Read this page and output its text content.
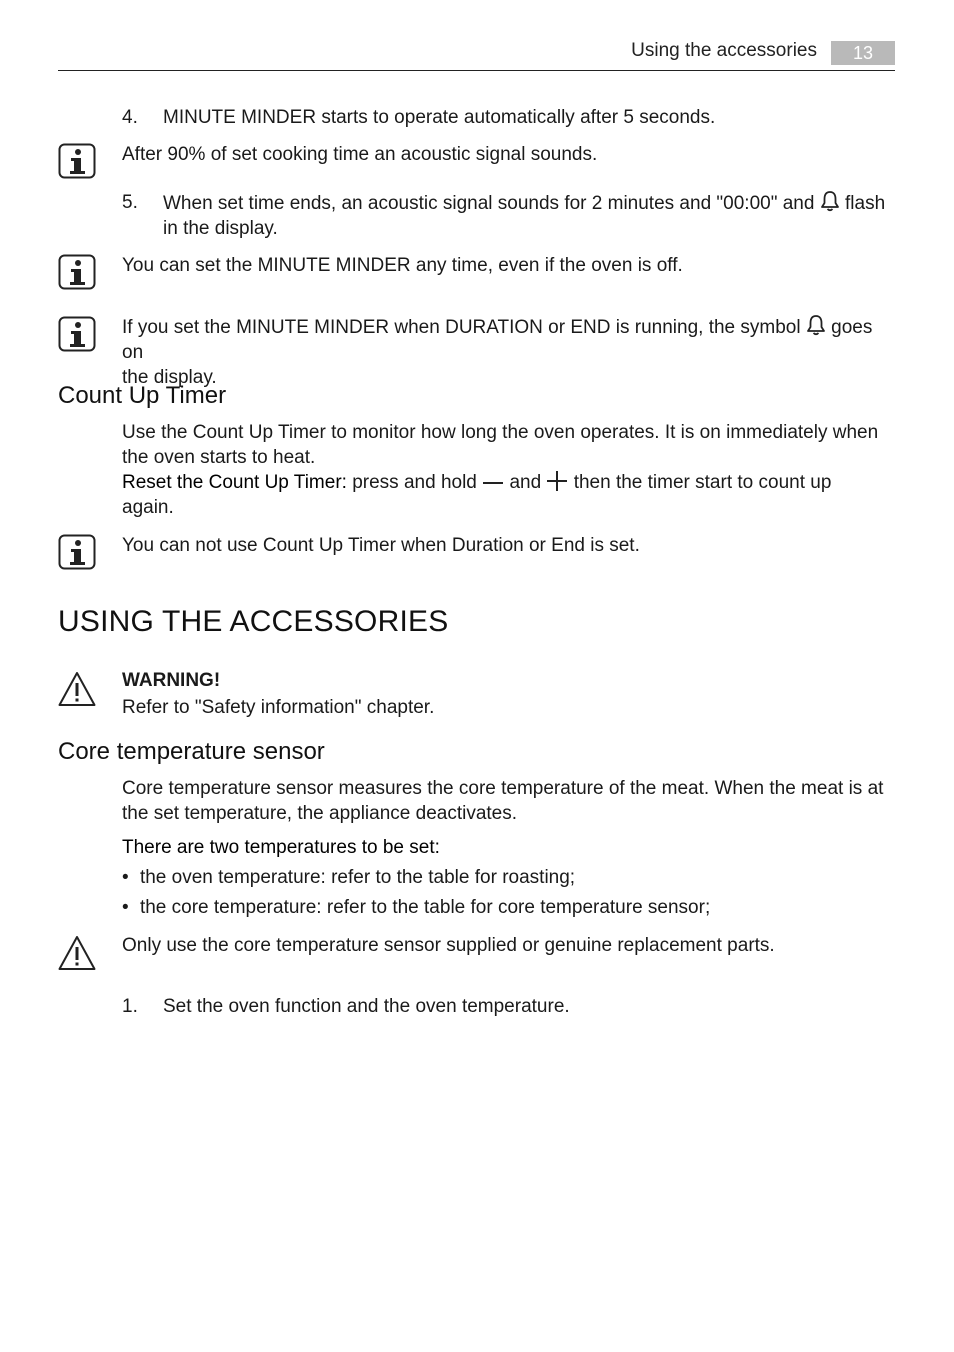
Using the accessories	13
4. MINUTE MINDER starts to operate automatically after 5 seconds.
After 90% of set cooking time an acoustic signal sounds.
5. When set time ends, an acoustic signal sounds for 2 minutes and "00:00" and flash
in the display.
You can set the MINUTE MINDER any time, even if the oven is off.
If you set the MINUTE MINDER when DURATION or END is running, the symbol goes on
the display.
Count Up Timer
Use the Count Up Timer to monitor how long the oven operates. It is on immediately when
the oven starts to heat.
Reset the Count Up Timer: press and hold and then the timer start to count up
again.
You can not use Count Up Timer when Duration or End is set.
USING THE ACCESSORIES
WARNING!
Refer to "Safety information" chapter.
Core temperature sensor
Core temperature sensor measures the core temperature of the meat. When the meat is at
the set temperature, the appliance deactivates.
There are two temperatures to be set:
• the oven temperature: refer to the table for roasting;
• the core temperature: refer to the table for core temperature sensor;
Only use the core temperature sensor supplied or genuine replacement parts.
1. Set the oven function and the oven temperature.
